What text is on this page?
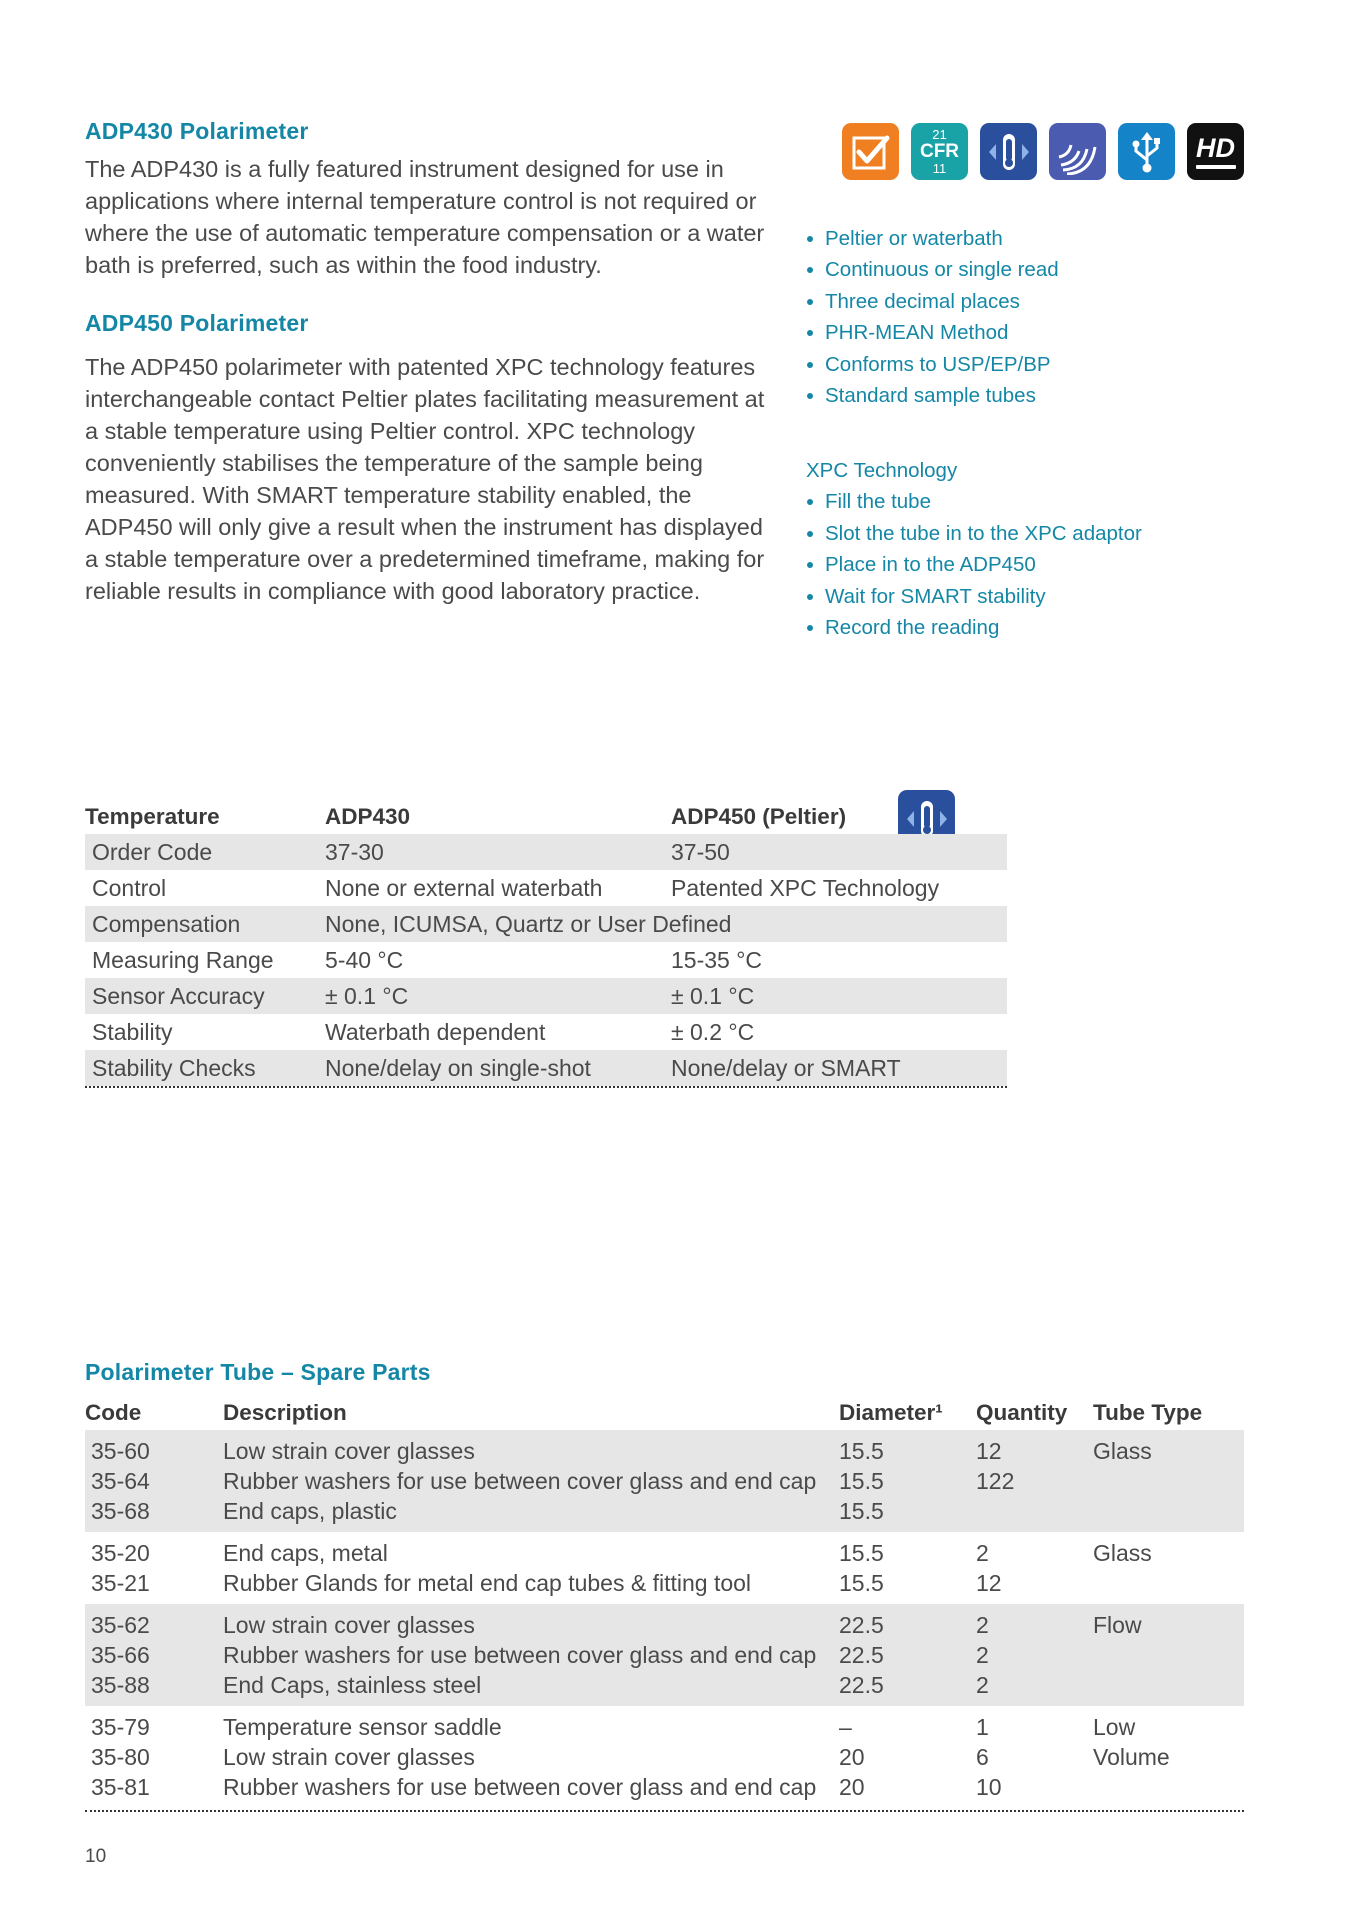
ADP430 Polarimeter

The ADP430 is a fully featured instrument designed for use in applications where internal temperature control is not required or where the use of automatic temperature compensation or a water bath is preferred, such as within the food industry.

ADP450 Polarimeter

The ADP450 polarimeter with patented XPC technology features interchangeable contact Peltier plates facilitating measurement at a stable temperature using Peltier control. XPC technology conveniently stabilises the temperature of the sample being measured. With SMART temperature stability enabled, the ADP450 will only give a result when the instrument has displayed a stable temperature over a predetermined timeframe, making for reliable results in compliance with good laboratory practice.

21
CFR
11
HD
Peltier or waterbath
Continuous or single read
Three decimal places
PHR-MEAN Method
Conforms to USP/EP/BP
Standard sample tubes
XPC Technology
Fill the tube
Slot the tube in to the XPC adaptor
Place in to the ADP450
Wait for SMART stability
Record the reading
Temperature	ADP430	ADP450 (Peltier)
Order Code	37-30	37-50
Control	None or external waterbath	Patented XPC Technology
Compensation	None, ICUMSA, Quartz or User Defined	
Measuring Range	5-40 °C	15-35 °C
Sensor Accuracy	± 0.1 °C	± 0.1 °C
Stability	Waterbath dependent	± 0.2 °C
Stability Checks	None/delay on single-shot	None/delay or SMART
Polarimeter Tube – Spare Parts
Code	Description	Diameter¹	Quantity	Tube Type
35-60	Low strain cover glasses	15.5	12	Glass
35-64	Rubber washers for use between cover glass and end cap	15.5	122	
35-68	End caps, plastic	15.5		
35-20	End caps, metal	15.5	2	Glass
35-21	Rubber Glands for metal end cap tubes & fitting tool	15.5	12	
35-62	Low strain cover glasses	22.5	2	Flow
35-66	Rubber washers for use between cover glass and end cap	22.5	2	
35-88	End Caps, stainless steel	22.5	2	
35-79	Temperature sensor saddle	–	1	Low Volume
35-80	Low strain cover glasses	20	6	
35-81	Rubber washers for use between cover glass and end cap	20	10	
10
